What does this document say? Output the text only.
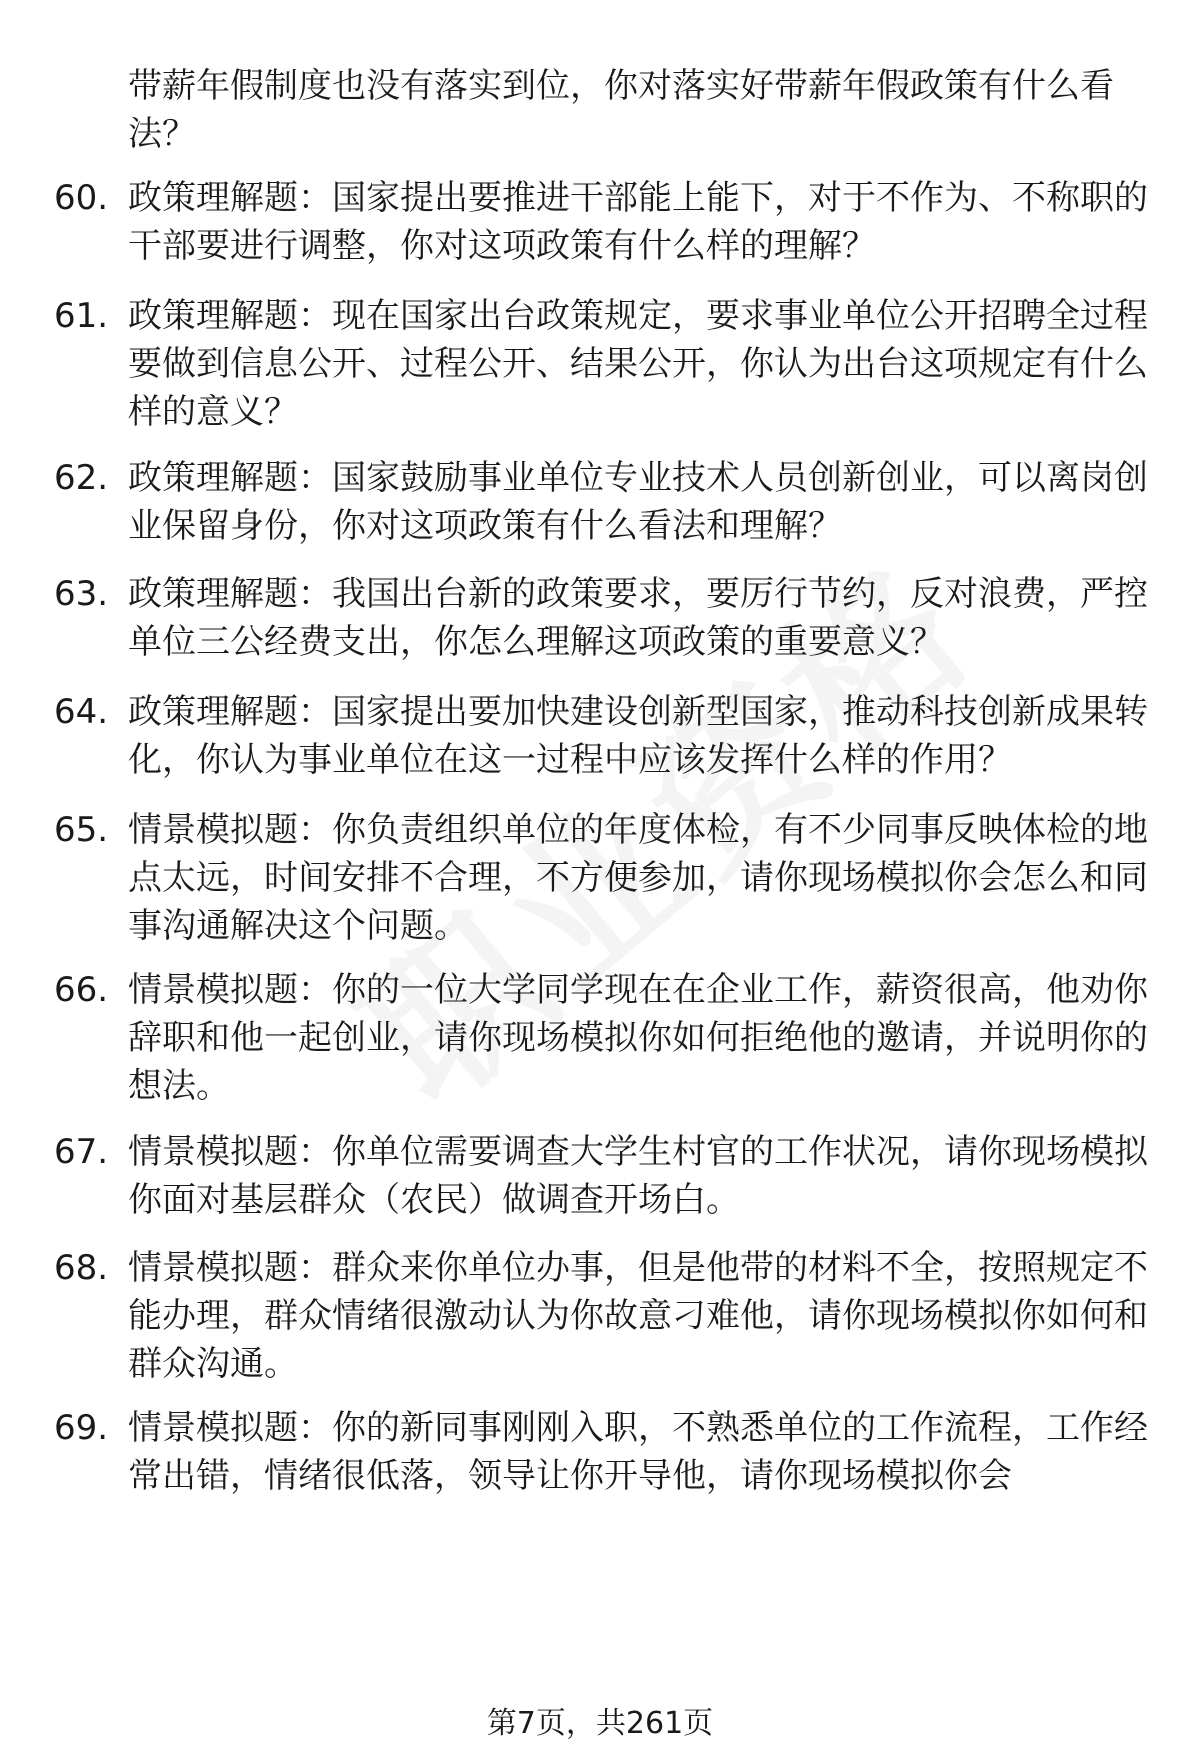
带薪年假制度也没有落实到位，你对落实好带薪年假政策有什么看法？
60. 政策理解题：国家提出要推进干部能上能下，对于不作为、不称职的干部要进行调整，你对这项政策有什么样的理解？
61. 政策理解题：现在国家出台政策规定，要求事业单位公开招聘全过程要做到信息公开、过程公开、结果公开，你认为出台这项规定有什么样的意义？
62. 政策理解题：国家鼓励事业单位专业技术人员创新创业，可以离岗创业保留身份，你对这项政策有什么看法和理解？
63. 政策理解题：我国出台新的政策要求，要厉行节约，反对浪费，严控单位三公经费支出，你怎么理解这项政策的重要意义？
64. 政策理解题：国家提出要加快建设创新型国家，推动科技创新成果转化，你认为事业单位在这一过程中应该发挥什么样的作用？
65. 情景模拟题：你负责组织单位的年度体检，有不少同事反映体检的地点太远，时间安排不合理，不方便参加，请你现场模拟你会怎么和同事沟通解决这个问题。
66. 情景模拟题：你的一位大学同学现在在企业工作，薪资很高，他劝你辞职和他一起创业，请你现场模拟你如何拒绝他的邀请，并说明你的想法。
67. 情景模拟题：你单位需要调查大学生村官的工作状况，请你现场模拟你面对基层群众（农民）做调查开场白。
68. 情景模拟题：群众来你单位办事，但是他带的材料不全，按照规定不能办理，群众情绪很激动认为你故意刁难他，请你现场模拟你如何和群众沟通。
69. 情景模拟题：你的新同事刚刚入职，不熟悉单位的工作流程，工作经常出错，情绪很低落，领导让你开导他，请你现场模拟你会
第7页，共261页
